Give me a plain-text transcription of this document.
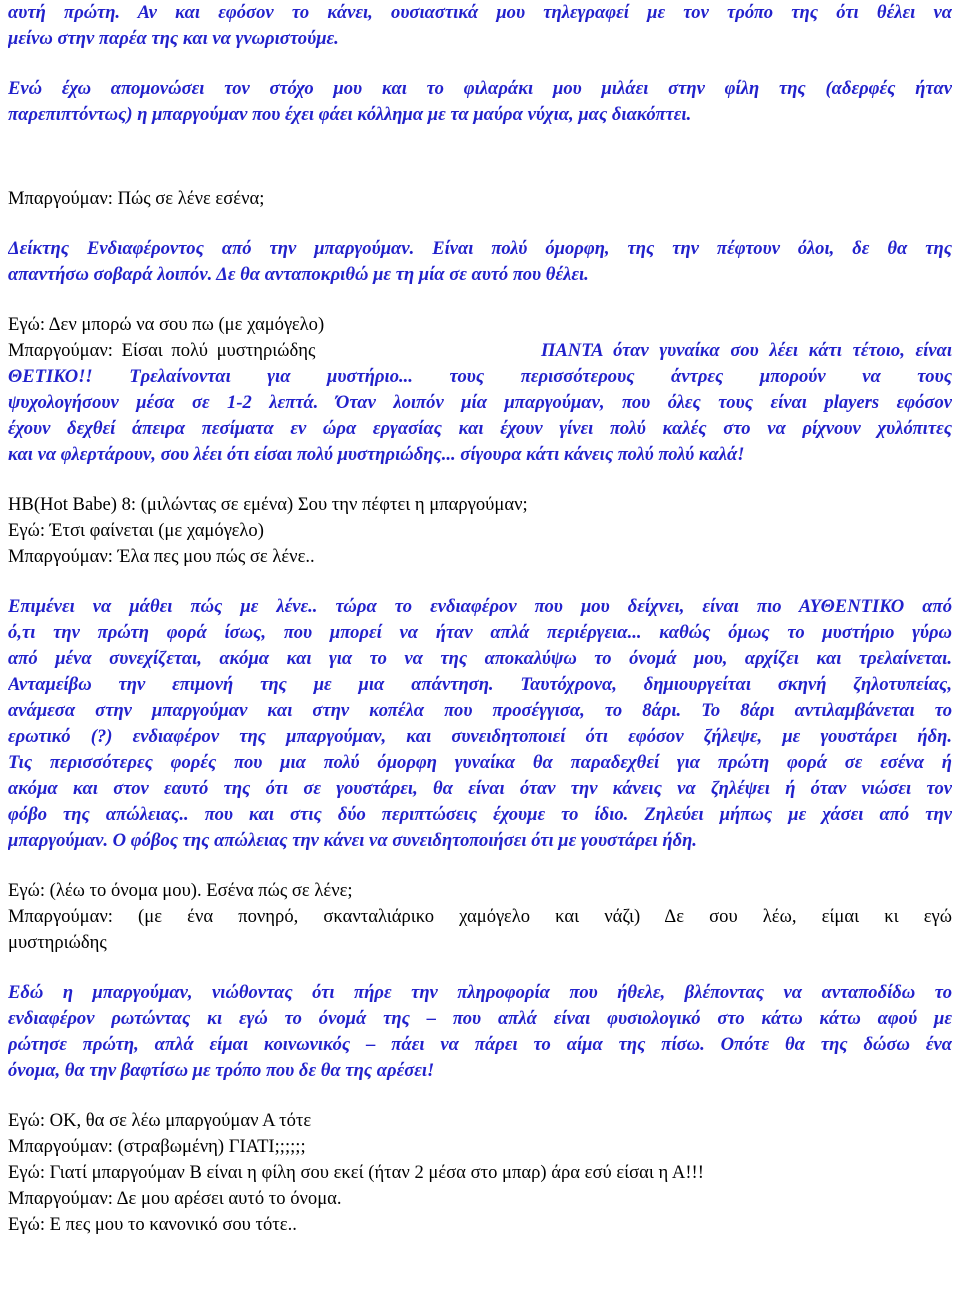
αυτή πρώτη. Αν και εφόσον το κάνει, ουσιαστικά μου τηλεγραφεί με τον τρόπο της ότι θέλει να
μείνω στην παρέα της και να γνωριστούμε.
Ενώ έχω απομονώσει τον στόχο μου και το φιλαράκι μου μιλάει στην φίλη της (αδερφές ήταν
παρεπιπτόντως) η μπαργούμαν που έχει φάει κόλλημα με τα μαύρα νύχια, μας διακόπτει.
Μπαργούμαν: Πώς σε λένε εσένα;
Δείκτης Ενδιαφέροντος από την μπαργούμαν. Είναι πολύ όμορφη, της την πέφτουν όλοι, δε θα της
απαντήσω σοβαρά λοιπόν. Δε θα ανταποκριθώ με τη μία σε αυτό που θέλει.
Εγώ: Δεν μπορώ να σου πω (με χαμόγελο)
Μπαργούμαν: Είσαι πολύ μυστηριώδης	ΠΑΝΤΑ όταν γυναίκα σου λέει κάτι τέτοιο, είναι
ΘΕΤΙΚΟ!! Τρελαίνονται για μυστήριο... τους περισσότερους άντρες μπορούν να τους
ψυχολογήσουν μέσα σε 1-2 λεπτά. Όταν λοιπόν μία μπαργούμαν, που όλες τους είναι players εφόσον
έχουν δεχθεί άπειρα πεσίματα εν ώρα εργασίας και έχουν γίνει πολύ καλές στο να ρίχνουν χυλόπιτες
και να φλερτάρουν, σου λέει ότι είσαι πολύ μυστηριώδης... σίγουρα κάτι κάνεις πολύ πολύ καλά!
HB(Hot Babe) 8: (μιλώντας σε εμένα) Σου την πέφτει η μπαργούμαν;
Εγώ: Έτσι φαίνεται (με χαμόγελο)
Μπαργούμαν: Έλα πες μου πώς σε λένε..
Επιμένει να μάθει πώς με λένε.. τώρα το ενδιαφέρον που μου δείχνει, είναι πιο ΑΥΘΕΝΤΙΚΟ από
ό,τι την πρώτη φορά ίσως, που μπορεί να ήταν απλά περιέργεια... καθώς όμως το μυστήριο γύρω
από μένα συνεχίζεται, ακόμα και για το να της αποκαλύψω το όνομά μου, αρχίζει και τρελαίνεται.
Ανταμείβω την επιμονή της με μια απάντηση. Ταυτόχρονα, δημιουργείται σκηνή ζηλοτυπείας,
ανάμεσα στην μπαργούμαν και στην κοπέλα που προσέγγισα, το 8άρι. Το 8άρι αντιλαμβάνεται το
ερωτικό (?) ενδιαφέρον της μπαργούμαν, και συνειδητοποιεί ότι εφόσον ζήλεψε, με γουστάρει ήδη.
Τις περισσότερες φορές που μια πολύ όμορφη γυναίκα θα παραδεχθεί για πρώτη φορά σε εσένα ή
ακόμα και στον εαυτό της ότι σε γουστάρει, θα είναι όταν την κάνεις να ζηλέψει ή όταν νιώσει τον
φόβο της απώλειας.. που και στις δύο περιπτώσεις έχουμε το ίδιο. Ζηλεύει μήπως με χάσει από την
μπαργούμαν. Ο φόβος της απώλειας την κάνει να συνειδητοποιήσει ότι με γουστάρει ήδη.
Εγώ: (λέω το όνομα μου). Εσένα πώς σε λένε;
Μπαργούμαν: (με ένα πονηρό, σκανταλιάρικο χαμόγελο και νάζι) Δε σου λέω, είμαι κι εγώ
μυστηριώδης
Εδώ η μπαργούμαν, νιώθοντας ότι πήρε την πληροφορία που ήθελε, βλέποντας να ανταποδίδω το
ενδιαφέρον ρωτώντας κι εγώ το όνομά της – που απλά είναι φυσιολογικό στο κάτω κάτω αφού με
ρώτησε πρώτη, απλά είμαι κοινωνικός – πάει να πάρει το αίμα της πίσω. Οπότε θα της δώσω ένα
όνομα, θα την βαφτίσω με τρόπο που δε θα της αρέσει!
Εγώ: OK, θα σε λέω μπαργούμαν Α τότε
Μπαργούμαν: (στραβωμένη) ΓΙΑΤΙ;;;;;;
Εγώ: Γιατί μπαργούμαν Β είναι η φίλη σου εκεί (ήταν 2 μέσα στο μπαρ) άρα εσύ είσαι η Α!!!
Μπαργούμαν: Δε μου αρέσει αυτό το όνομα.
Εγώ: Ε πες μου το κανονικό σου τότε..
